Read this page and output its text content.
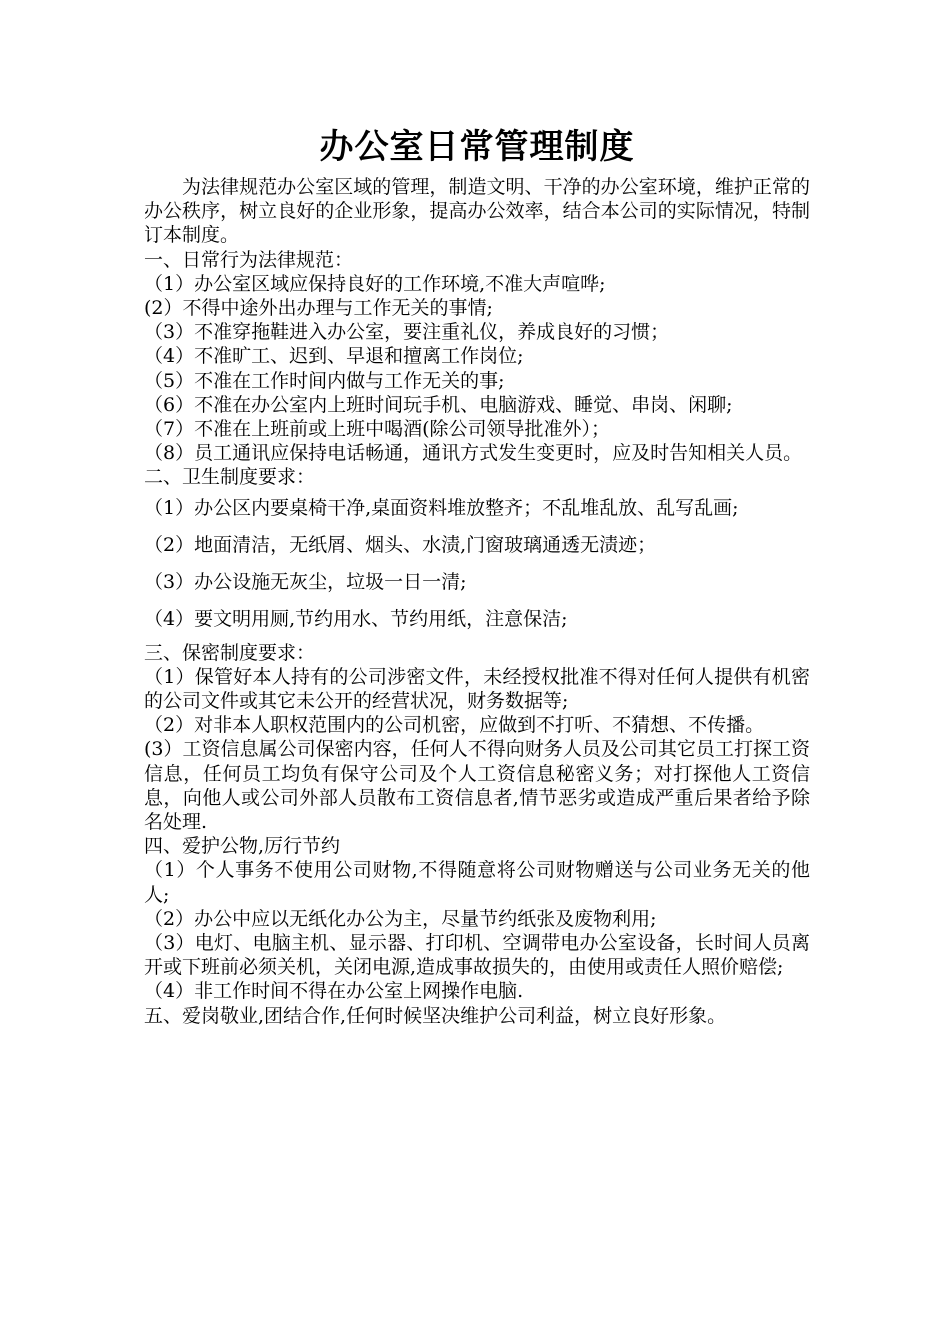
办公室日常管理制度

为法律规范办公室区域的管理，制造文明、干净的办公室环境，维护正常的办公秩序，树立良好的企业形象，提高办公效率，结合本公司的实际情况，特制订本制度。

一、日常行为法律规范：

（1）办公室区域应保持良好的工作环境,不准大声喧哗;

(2）不得中途外出办理与工作无关的事情;

（3）不准穿拖鞋进入办公室，要注重礼仪，养成良好的习惯；

（4）不准旷工、迟到、早退和擅离工作岗位;

（5）不准在工作时间内做与工作无关的事;

（6）不准在办公室内上班时间玩手机、电脑游戏、睡觉、串岗、闲聊;

（7）不准在上班前或上班中喝酒(除公司领导批准外）；

（8）员工通讯应保持电话畅通，通讯方式发生变更时，应及时告知相关人员。

二、卫生制度要求：

（1）办公区内要桌椅干净,桌面资料堆放整齐；不乱堆乱放、乱写乱画;

（2）地面清洁，无纸屑、烟头、水渍,门窗玻璃通透无渍迹；

（3）办公设施无灰尘，垃圾一日一清;

（4）要文明用厕,节约用水、节约用纸，注意保洁;

三、保密制度要求：

（1）保管好本人持有的公司涉密文件，未经授权批准不得对任何人提供有机密的公司文件或其它未公开的经营状况，财务数据等;

（2）对非本人职权范围内的公司机密，应做到不打听、不猜想、不传播。

(3）工资信息属公司保密内容，任何人不得向财务人员及公司其它员工打探工资信息，任何员工均负有保守公司及个人工资信息秘密义务；对打探他人工资信息，向他人或公司外部人员散布工资信息者,情节恶劣或造成严重后果者给予除名处理.

四、爱护公物,厉行节约

（1）个人事务不使用公司财物,不得随意将公司财物赠送与公司业务无关的他人;

（2）办公中应以无纸化办公为主，尽量节约纸张及废物利用;

（3）电灯、电脑主机、显示器、打印机、空调带电办公室设备，长时间人员离开或下班前必须关机，关闭电源,造成事故损失的，由使用或责任人照价赔偿;

（4）非工作时间不得在办公室上网操作电脑.

五、爱岗敬业,团结合作,任何时候坚决维护公司利益，树立良好形象。
